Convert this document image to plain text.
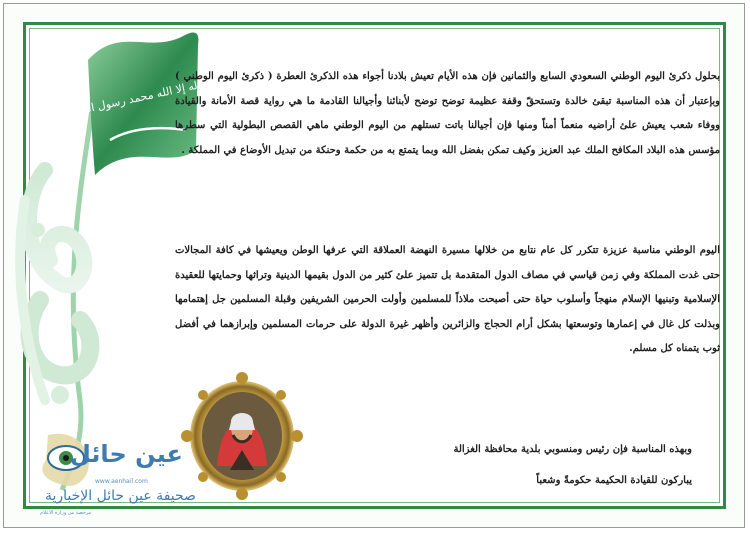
لا إله إلا الله محمد رسول الله
بحلول ذكرئ اليوم الوطني السعودي السابع والثمانين فإن هذه الأيام تعيش بلادنا أجواء هذه الذكرئ العطرة ( ذكرئ اليوم الوطني ) وبإعتبار أن هذه المناسبة تبقئ خالدة وتستحقّ وقفة عظيمة توضح توضح لأبنائنا وأجيالنا القادمة ما هي رواية قصة الأمانة والقيادة ووفاء شعب يعيش علئ أراضيه منعماً أمناً ومنها فإن أجيالنا باتت تستلهم من اليوم الوطني ماهي القصص البطولية التي سطرها مؤسس هذه البلاد المكافح الملك عبد العزيز وكيف تمكن بفضل الله وبما يتمتع به من حكمة وحنكة من تبديل الأوضاع في المملكة .
اليوم الوطني مناسبة عزيزة تتكرر كل عام نتابع من خلالها مسيرة النهضة العملاقة التي عرفها الوطن ويعيشها في كافة المجالات حتى غدت المملكة وفي زمن قياسي في مصاف الدول المتقدمة بل تتميز علئ كثير من الدول بقيمها الدينية وتراثها وحمايتها للعقيدة الإسلامية وتبنيها الإسلام منهجاً وأسلوب حياة حتى أصبحت ملاذاً للمسلمين وأولت الحرمين الشريفين وقبلة المسلمين جل إهتمامها وبذلت كل غال في إعمارها وتوسعتها بشكل أرام الحجاج والزائرين وأظهر غيرة الدولة على حرمات المسلمين وإبرازهما في أفضل ثوب يتمناه كل مسلم.
وبهذه المناسبة فإن رئيس ومنسوبي بلدية محافظة الغزالة
يباركون للقيادة الحكيمة حكومةً وشعباً
عين حائل
www.aenhail.com
صحيفة عين حائل الإخبارية
مرخصة من وزارة الاعلام
